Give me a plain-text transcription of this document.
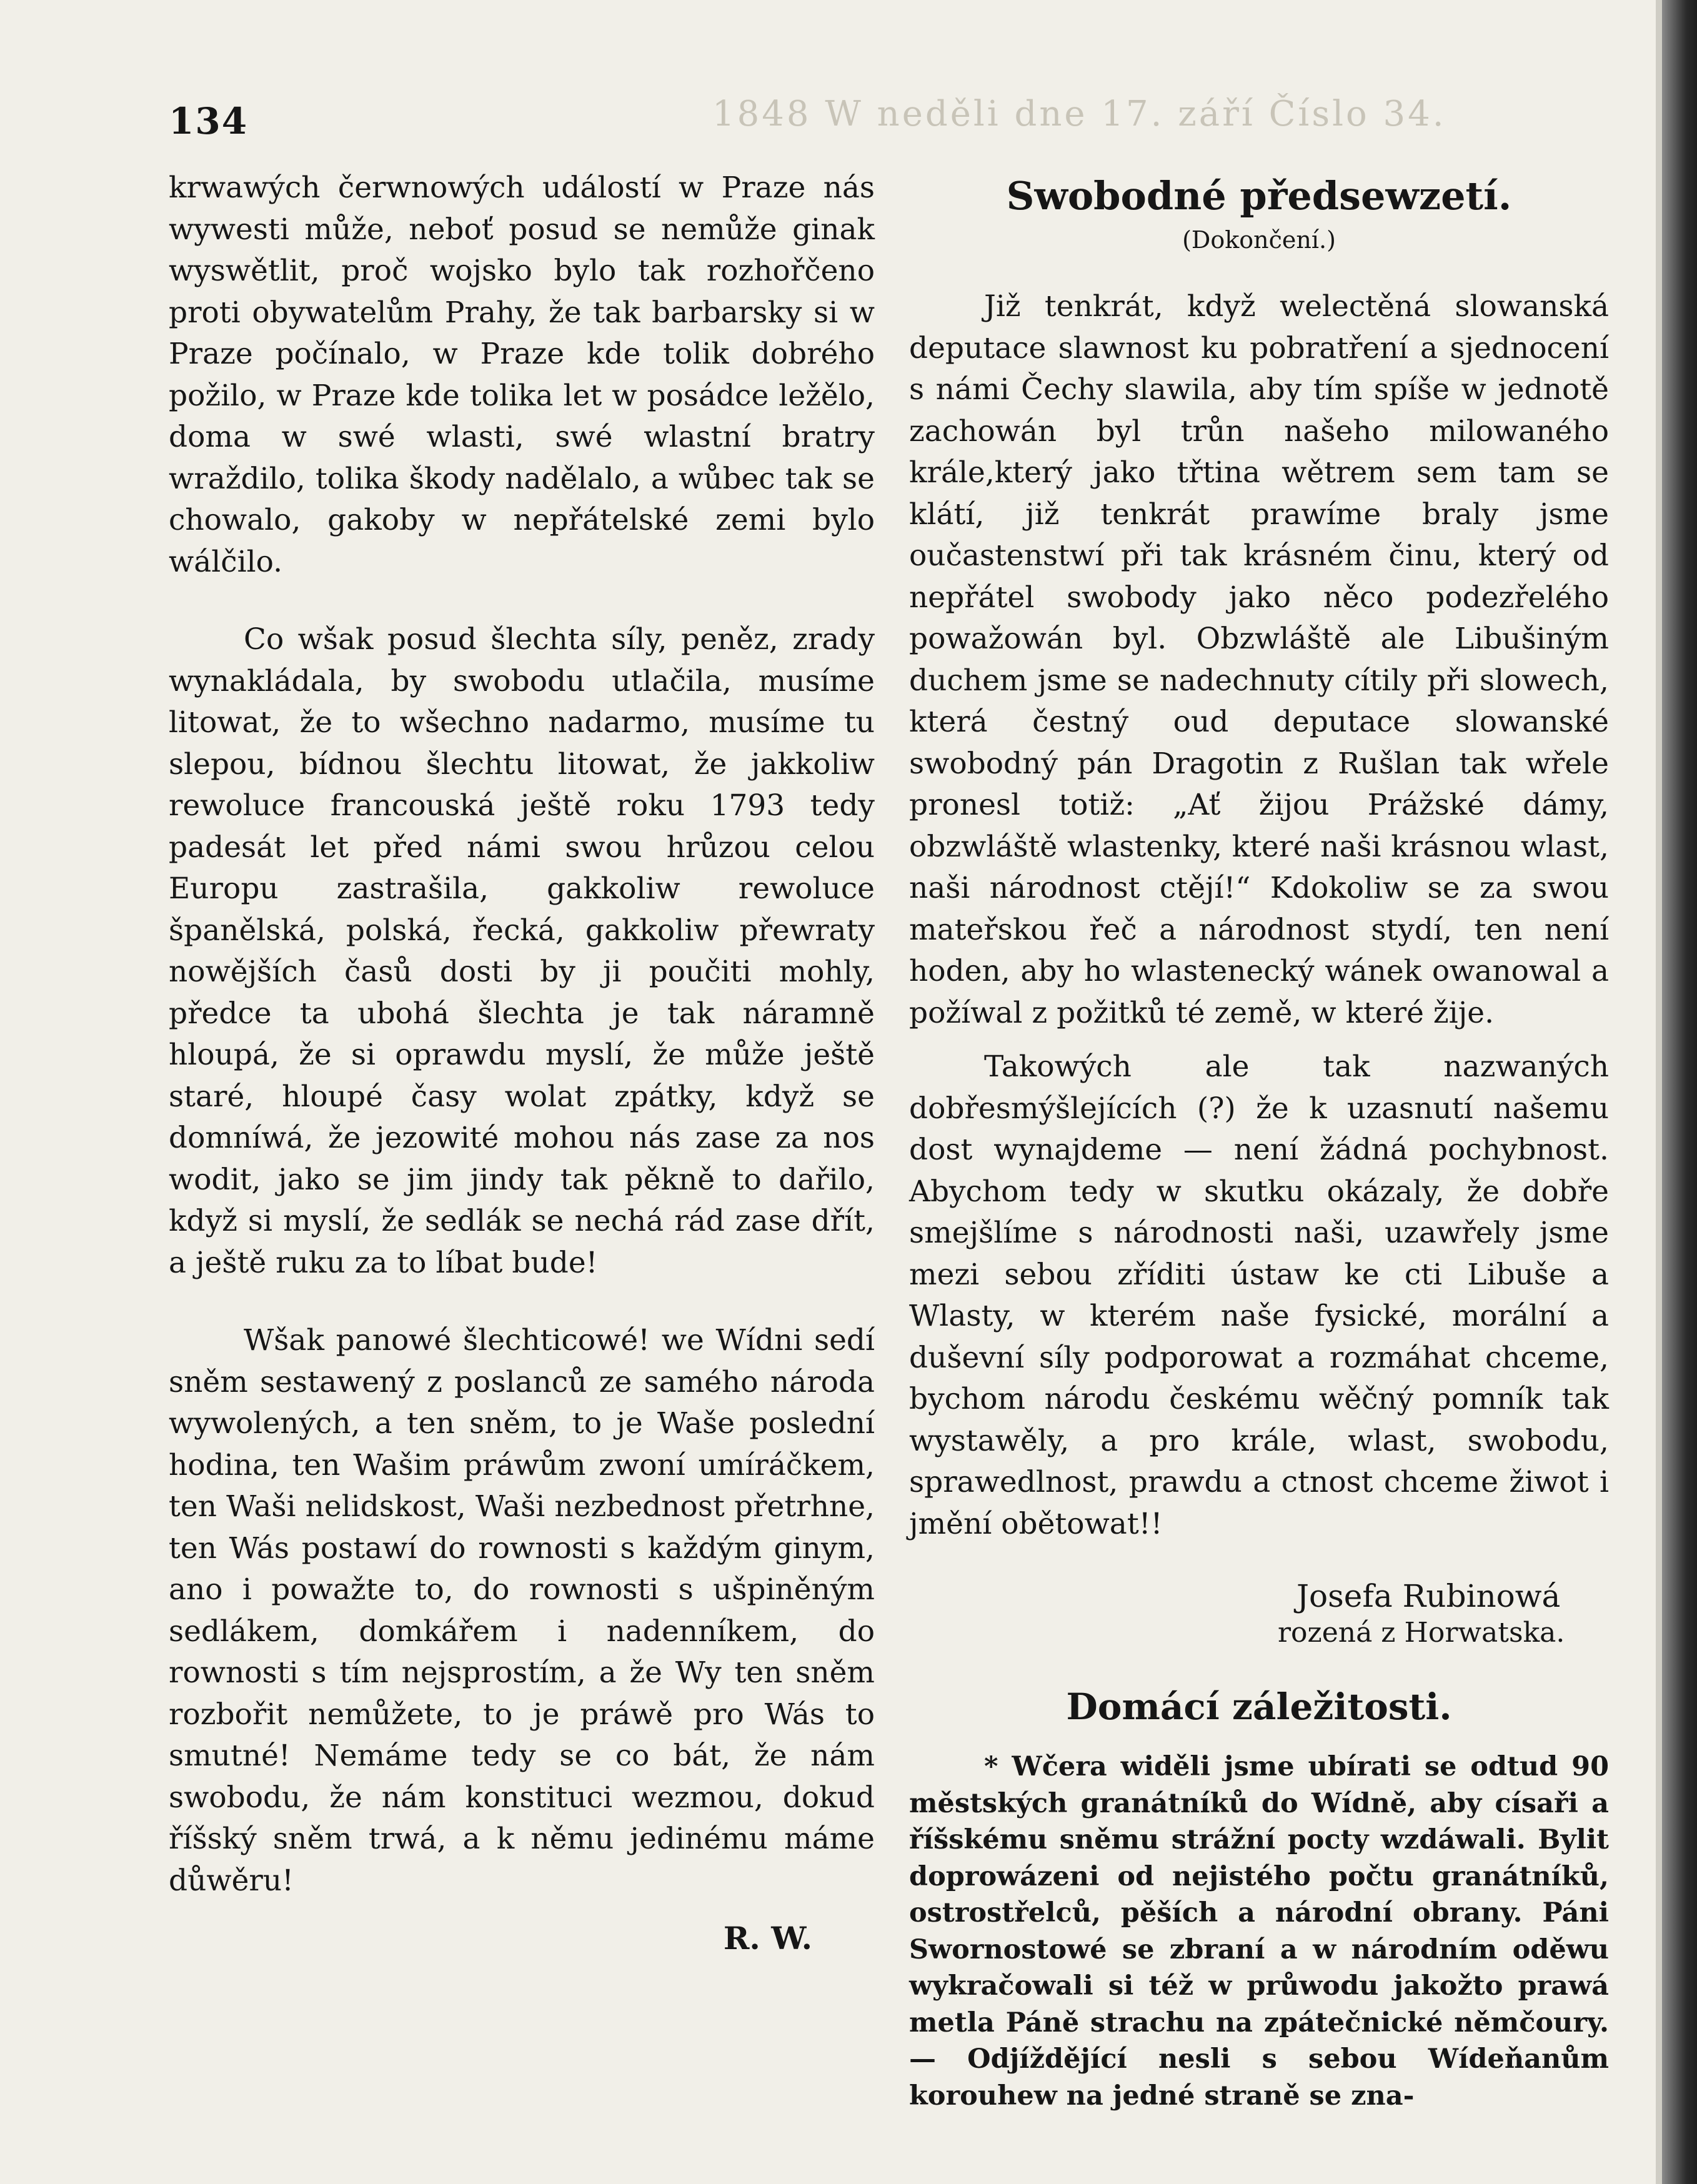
1848 W neděli dne 17. září Číslo 34.
134

krwawých čerwnowých událostí w Praze nás wywesti může, neboť posud se nemůže ginak wyswětlit, proč wojsko bylo tak rozhořčeno proti obywatelům Prahy, že tak barbarsky si w Praze počínalo, w Praze kde tolik dobrého požilo, w Praze kde tolika let w posádce ležělo, doma w swé wlasti, swé wlastní bratry wraždilo, tolika škody nadělalo, a wůbec tak se chowalo, gakoby w nepřátelské zemi bylo wálčilo.

Co wšak posud šlechta síly, peněz, zrady wynakládala, by swobodu utlačila, musíme litowat, že to wšechno nadarmo, musíme tu slepou, bídnou šlechtu litowat, že jakkoliw rewoluce francouská ještě roku 1793 tedy padesát let před námi swou hrůzou celou Europu zastrašila, gakkoliw rewoluce španělská, polská, řecká, gakkoliw přewraty nowějších časů dosti by ji poučiti mohly, předce ta ubohá šlechta je tak náramně hloupá, že si oprawdu myslí, že může ještě staré, hloupé časy wolat zpátky, když se domníwá, že jezowité mohou nás zase za nos wodit, jako se jim jindy tak pěkně to dařilo, když si myslí, že sedlák se nechá rád zase dřít, a ještě ruku za to líbat bude!

Wšak panowé šlechticowé! we Wídni sedí sněm sestawený z poslanců ze samého národa wywolených, a ten sněm, to je Waše poslední hodina, ten Wašim práwům zwoní umíráčkem, ten Waši nelidskost, Waši nezbednost přetrhne, ten Wás postawí do rownosti s každým ginym, ano i powažte to, do rownosti s ušpiněným sedlákem, domkářem i nadenníkem, do rownosti s tím nejsprostím, a že Wy ten sněm rozbořit nemůžete, to je práwě pro Wás to smutné! Nemáme tedy se co bát, že nám swobodu, že nám konstituci wezmou, dokud říšský sněm trwá, a k němu jedinému máme důwěru!

R. W.
Swobodné předsewzetí.
(Dokončení.)

Již tenkrát, když welectěná slowanská deputace slawnost ku pobratření a sjednocení s námi Čechy slawila, aby tím spíše w jednotě zachowán byl trůn našeho milowaného krále,který jako třtina wětrem sem tam se klátí, již tenkrát prawíme braly jsme oučastenstwí při tak krásném činu, který od nepřátel swobody jako něco podezřelého powažowán byl. Obzwláště ale Libušiným duchem jsme se nadechnuty cítily při slowech, která čestný oud deputace slowanské swobodný pán Dragotin z Rušlan tak wřele pronesl totiž: „Ať žijou Prážské dámy, obzwláště wlastenky, které naši krásnou wlast, naši národnost ctějí!“ Kdokoliw se za swou mateřskou řeč a národnost stydí, ten není hoden, aby ho wlastenecký wánek owanowal a požíwal z požitků té země, w které žije.

Takowých ale tak nazwaných dobřesmýšlejících (?) že k uzasnutí našemu dost wynajdeme — není žádná pochybnost. Abychom tedy w skutku okázaly, že dobře smejšlíme s národnosti naši, uzawřely jsme mezi sebou zříditi ústaw ke cti Libuše a Wlasty, w kterém naše fysické, morální a duševní síly podporowat a rozmáhat chceme, bychom národu českému wěčný pomník tak wystawěly, a pro krále, wlast, swobodu, sprawedlnost, prawdu a ctnost chceme žiwot i jmění obětowat!!

Josefa Rubinowá
rozená z Horwatska.
Domácí záležitosti.

* Wčera widěli jsme ubírati se odtud 90 městských granátníků do Wídně, aby císaři a říšskému sněmu strážní pocty wzdáwali. Bylit doprowázeni od nejistého počtu granátníků, ostrostřelců, pěších a národní obrany. Páni Swornostowé se zbraní a w národním oděwu wykračowali si též w průwodu jakožto prawá metla Páně strachu na zpátečnické němčoury. — Odjíždějící nesli s sebou Wídeňanům korouhew na jedné straně se zna-
